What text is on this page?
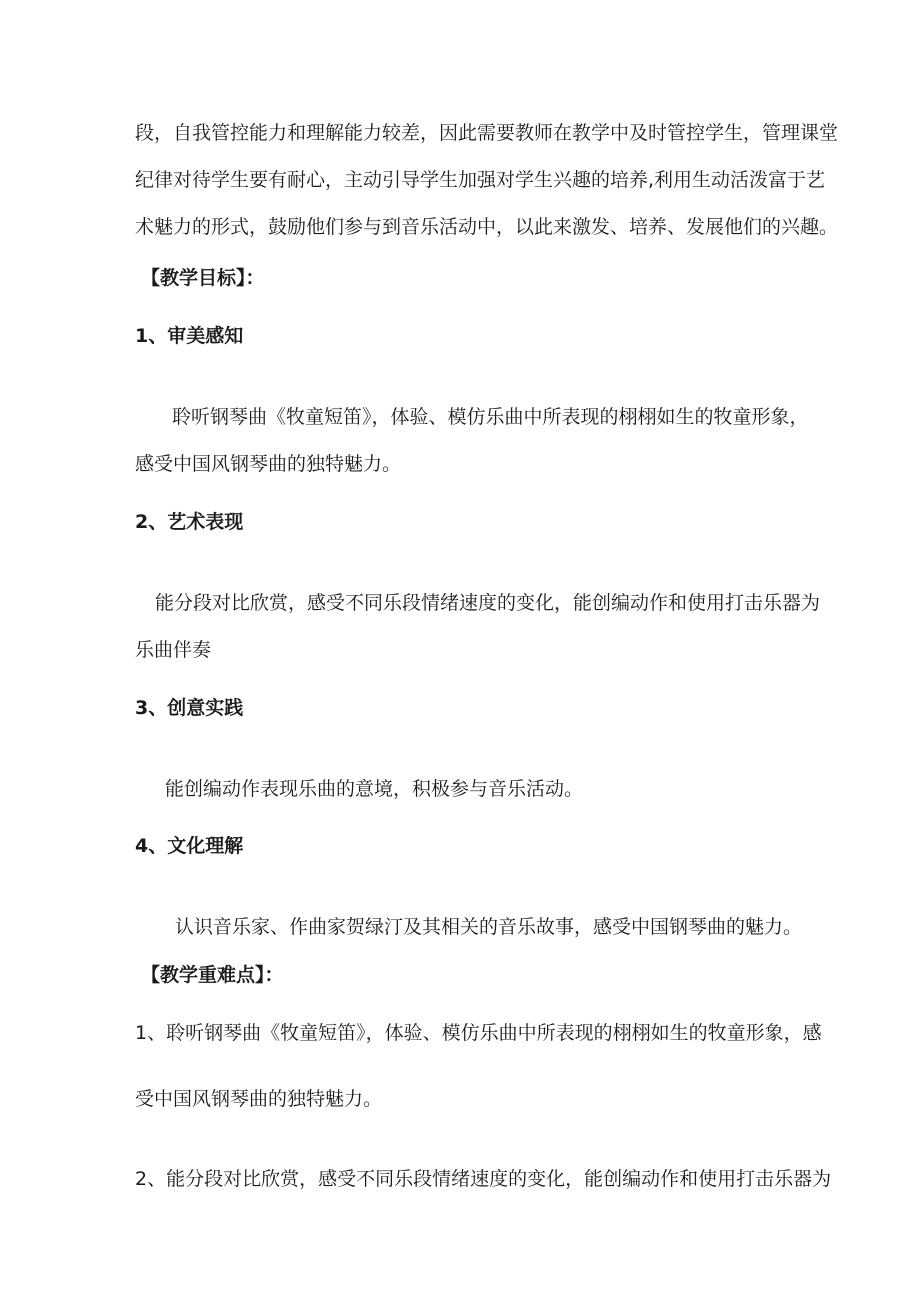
段，自我管控能力和理解能力较差，因此需要教师在教学中及时管控学生，管理课堂
纪律对待学生要有耐心，主动引导学生加强对学生兴趣的培养,利用生动活泼富于艺
术魅力的形式，鼓励他们参与到音乐活动中，以此来激发、培养、发展他们的兴趣。
【教学目标】：
1、审美感知
聆听钢琴曲《牧童短笛》，体验、模仿乐曲中所表现的栩栩如生的牧童形象，
感受中国风钢琴曲的独特魅力。
2、艺术表现
能分段对比欣赏，感受不同乐段情绪速度的变化，能创编动作和使用打击乐器为
乐曲伴奏
3、创意实践
能创编动作表现乐曲的意境，积极参与音乐活动。
4、文化理解
认识音乐家、作曲家贺绿汀及其相关的音乐故事，感受中国钢琴曲的魅力。
【教学重难点】：
1、聆听钢琴曲《牧童短笛》，体验、模仿乐曲中所表现的栩栩如生的牧童形象，感
受中国风钢琴曲的独特魅力。
2、能分段对比欣赏，感受不同乐段情绪速度的变化，能创编动作和使用打击乐器为
